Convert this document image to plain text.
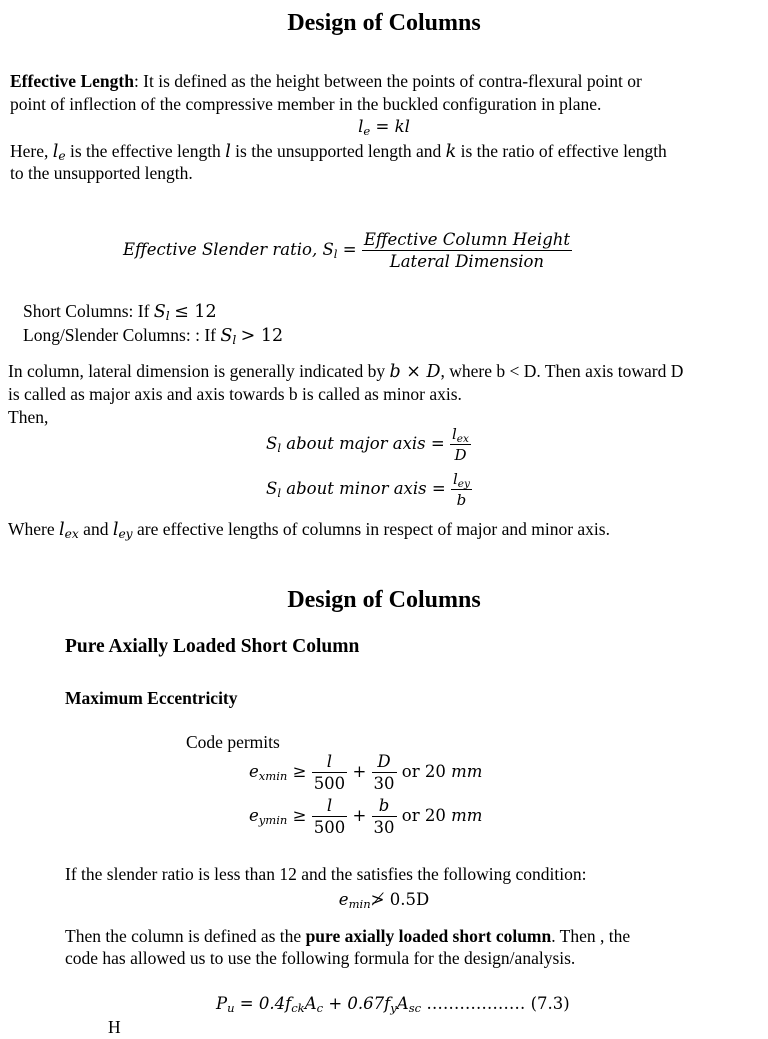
Design of Columns
Effective Length: It is defined as the height between the points of contra-flexural point or
point of inflection of the compressive member in the buckled configuration in plane.
$l_e$ = kl
Here, $l_e$ is the effective length l is the unsupported length and k is the ratio of effective length
to the unsupported length.
Effective Slender ratio, $S_l = \frac{\text{Effective Column Height}}{\text{Lateral Dimension}}$
Short Columns: If $S_l \le 12$
Long/Slender Columns: : If $S_l > 12$
In column, lateral dimension is generally indicated by b × D, where b < D. Then axis toward D
is called as major axis and axis towards b is called as minor axis.
Then,
$S_l$ about major axis = $\frac{l_{ex}}{D}$
$S_l$ about minor axis = $\frac{l_{ey}}{b}$
Where $l_{ex}$ and $l_{ey}$ are effective lengths of columns in respect of major and minor axis.
Design of Columns
Pure Axially Loaded Short Column
Maximum Eccentricity
Code permits
$e_{xmin} \ge \frac{l}{500} + \frac{D}{30}$ or 20 mm
$e_{ymin} \ge \frac{l}{500} + \frac{b}{30}$ or 20 mm
If the slender ratio is less than 12 and the satisfies the following condition:
$e_{min}≯$ 0.5D
Then the column is defined as the pure axially loaded short column. Then , the
code has allowed us to use the following formula for the design/analysis.
$P_u = 0.4f_{ck}A_c + 0.67f_yA_{sc}$ ……………… (7.3)
H
